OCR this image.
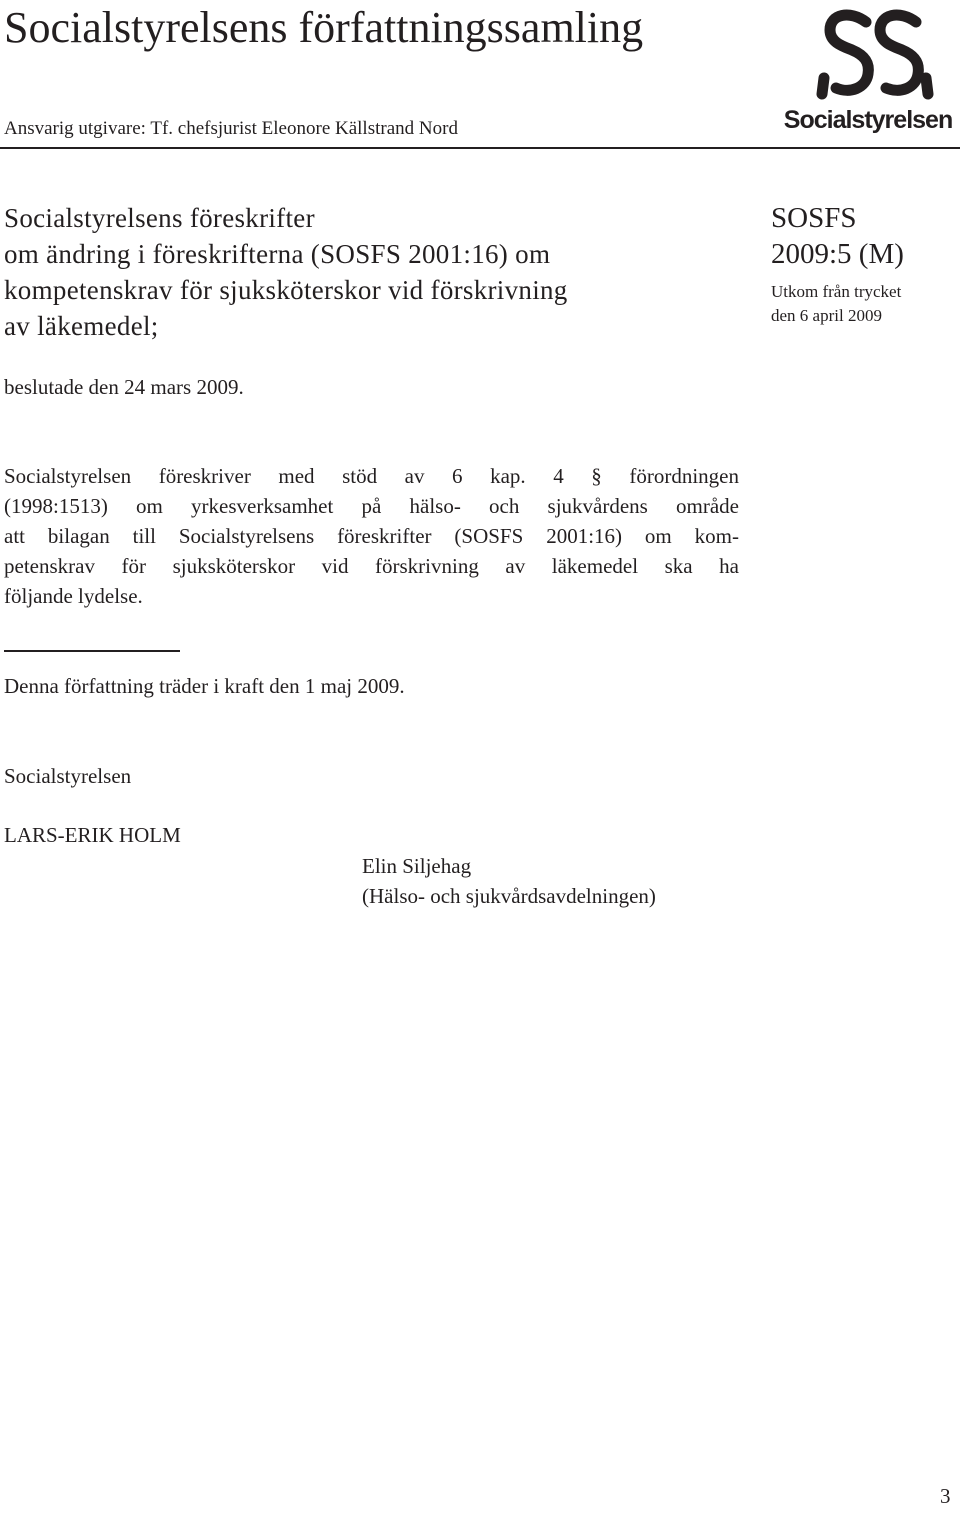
Socialstyrelsens författningssamling
Ansvarig utgivare: Tf. chefsjurist Eleonore Källstrand Nord	Socialstyrelsen
Socialstyrelsens föreskrifter
om ändring i föreskrifterna (SOSFS 2001:16) om
kompetenskrav för sjuksköterskor vid förskrivning
av läkemedel;
SOSFS
2009:5 (M)
Utkom från trycket
den 6 april 2009
beslutade den 24 mars 2009.
Socialstyrelsen föreskriver med stöd av 6 kap. 4 § förordningen
(1998:1513) om yrkesverksamhet på hälso- och sjukvårdens område
att bilagan till Socialstyrelsens föreskrifter (SOSFS 2001:16) om kom-
petenskrav för sjuksköterskor vid förskrivning av läkemedel ska ha
följande lydelse.
Denna författning träder i kraft den 1 maj 2009.
Socialstyrelsen
LARS-ERIK HOLM
Elin Siljehag
(Hälso- och sjukvårdsavdelningen)
3
